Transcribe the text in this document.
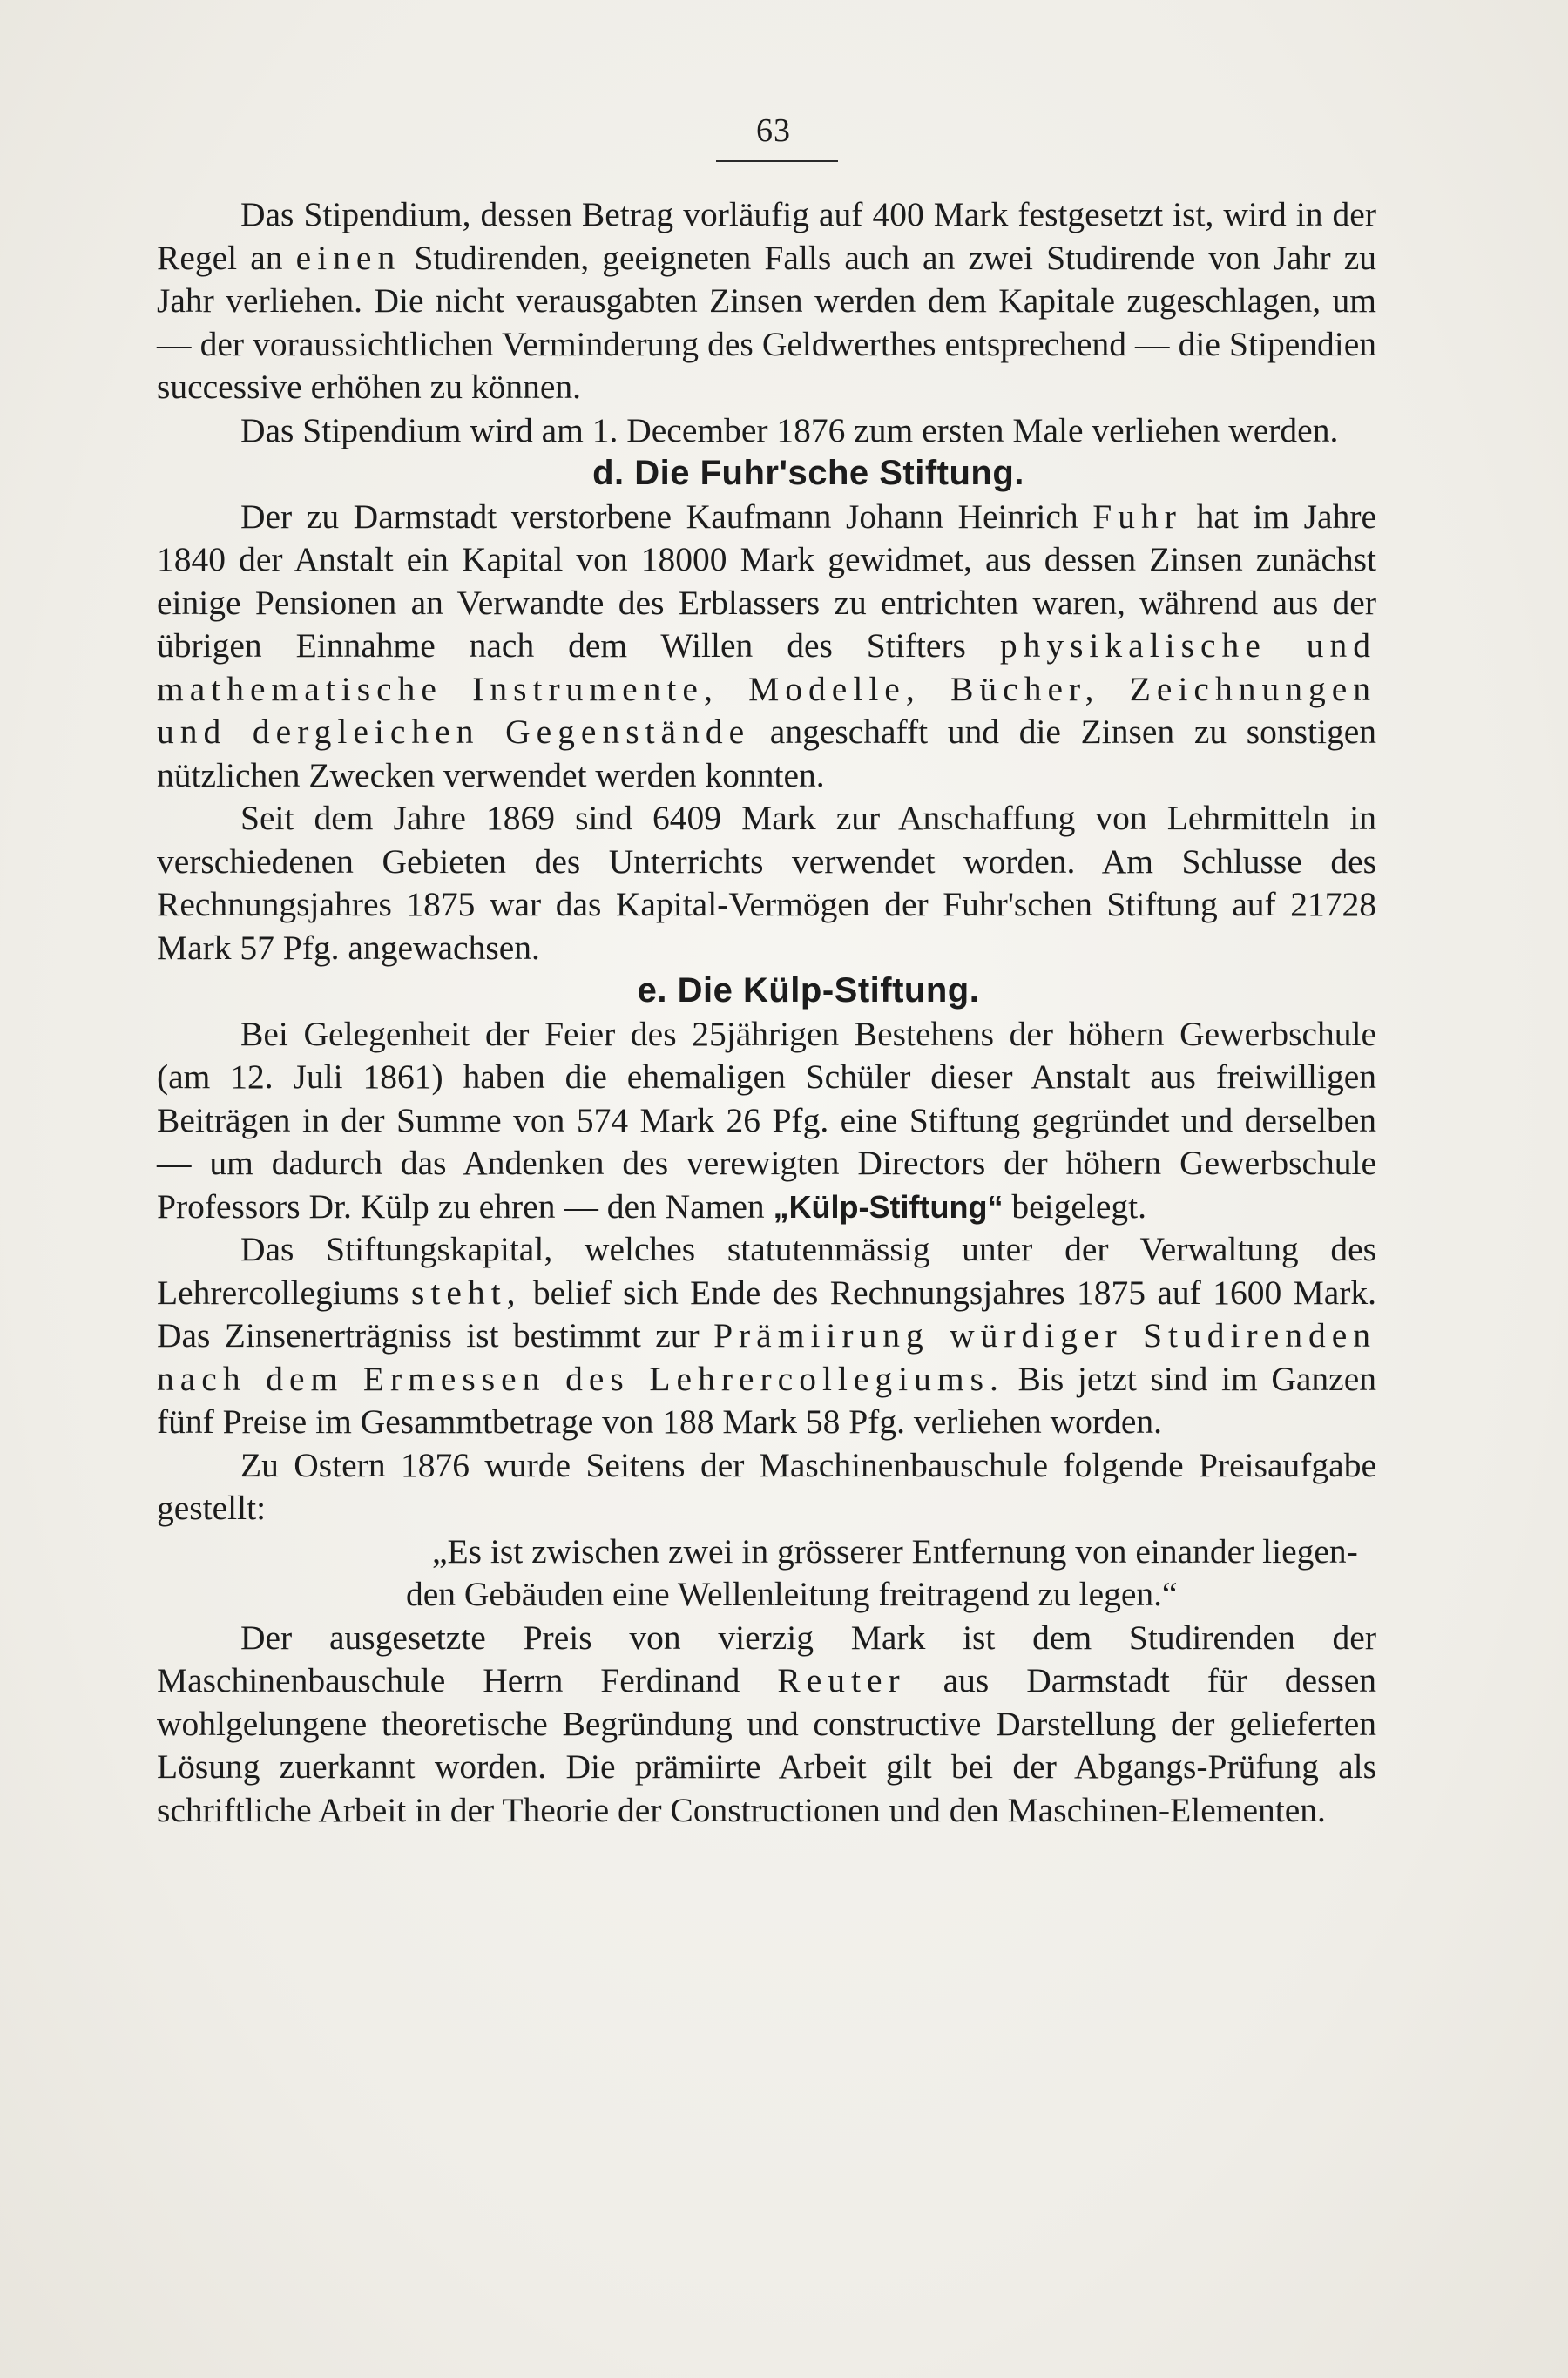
63

Das Stipendium, dessen Betrag vorläufig auf 400 Mark festgesetzt ist, wird in der Regel an einen Studirenden, geeigneten Falls auch an zwei Studirende von Jahr zu Jahr verliehen. Die nicht verausgabten Zinsen werden dem Kapitale zugeschlagen, um — der voraussichtlichen Verminderung des Geldwerthes entsprechend — die Stipendien successive erhöhen zu können.

Das Stipendium wird am 1. December 1876 zum ersten Male verliehen werden.

d. Die Fuhr'sche Stiftung.

Der zu Darmstadt verstorbene Kaufmann Johann Heinrich Fuhr hat im Jahre 1840 der Anstalt ein Kapital von 18000 Mark gewidmet, aus dessen Zinsen zunächst einige Pensionen an Verwandte des Erblassers zu entrichten waren, während aus der übrigen Einnahme nach dem Willen des Stifters physikalische und mathematische Instrumente, Modelle, Bücher, Zeichnungen und dergleichen Gegenstände angeschafft und die Zinsen zu sonstigen nützlichen Zwecken verwendet werden konnten.

Seit dem Jahre 1869 sind 6409 Mark zur Anschaffung von Lehrmitteln in verschiedenen Gebieten des Unterrichts verwendet worden. Am Schlusse des Rechnungsjahres 1875 war das Kapital-Vermögen der Fuhr'schen Stiftung auf 21728 Mark 57 Pfg. angewachsen.

e. Die Külp-Stiftung.

Bei Gelegenheit der Feier des 25jährigen Bestehens der höhern Gewerbschule (am 12. Juli 1861) haben die ehemaligen Schüler dieser Anstalt aus freiwilligen Beiträgen in der Summe von 574 Mark 26 Pfg. eine Stiftung gegründet und derselben — um dadurch das Andenken des verewigten Directors der höhern Gewerbschule Professors Dr. Külp zu ehren — den Namen „Külp-Stiftung“ beigelegt.

Das Stiftungskapital, welches statutenmässig unter der Verwaltung des Lehrercollegiums steht, belief sich Ende des Rechnungsjahres 1875 auf 1600 Mark. Das Zinsenerträgniss ist bestimmt zur Prämiirung würdiger Studirenden nach dem Ermessen des Lehrercollegiums. Bis jetzt sind im Ganzen fünf Preise im Gesammtbetrage von 188 Mark 58 Pfg. verliehen worden.

Zu Ostern 1876 wurde Seitens der Maschinenbauschule folgende Preisaufgabe gestellt:

„Es ist zwischen zwei in grösserer Entfernung von einander liegen-

den Gebäuden eine Wellenleitung freitragend zu legen.“

Der ausgesetzte Preis von vierzig Mark ist dem Studirenden der Maschinenbauschule Herrn Ferdinand Reuter aus Darmstadt für dessen wohlgelungene theoretische Begründung und constructive Darstellung der gelieferten Lösung zuerkannt worden. Die prämiirte Arbeit gilt bei der Abgangs-Prüfung als schriftliche Arbeit in der Theorie der Constructionen und den Maschinen-Elementen.
